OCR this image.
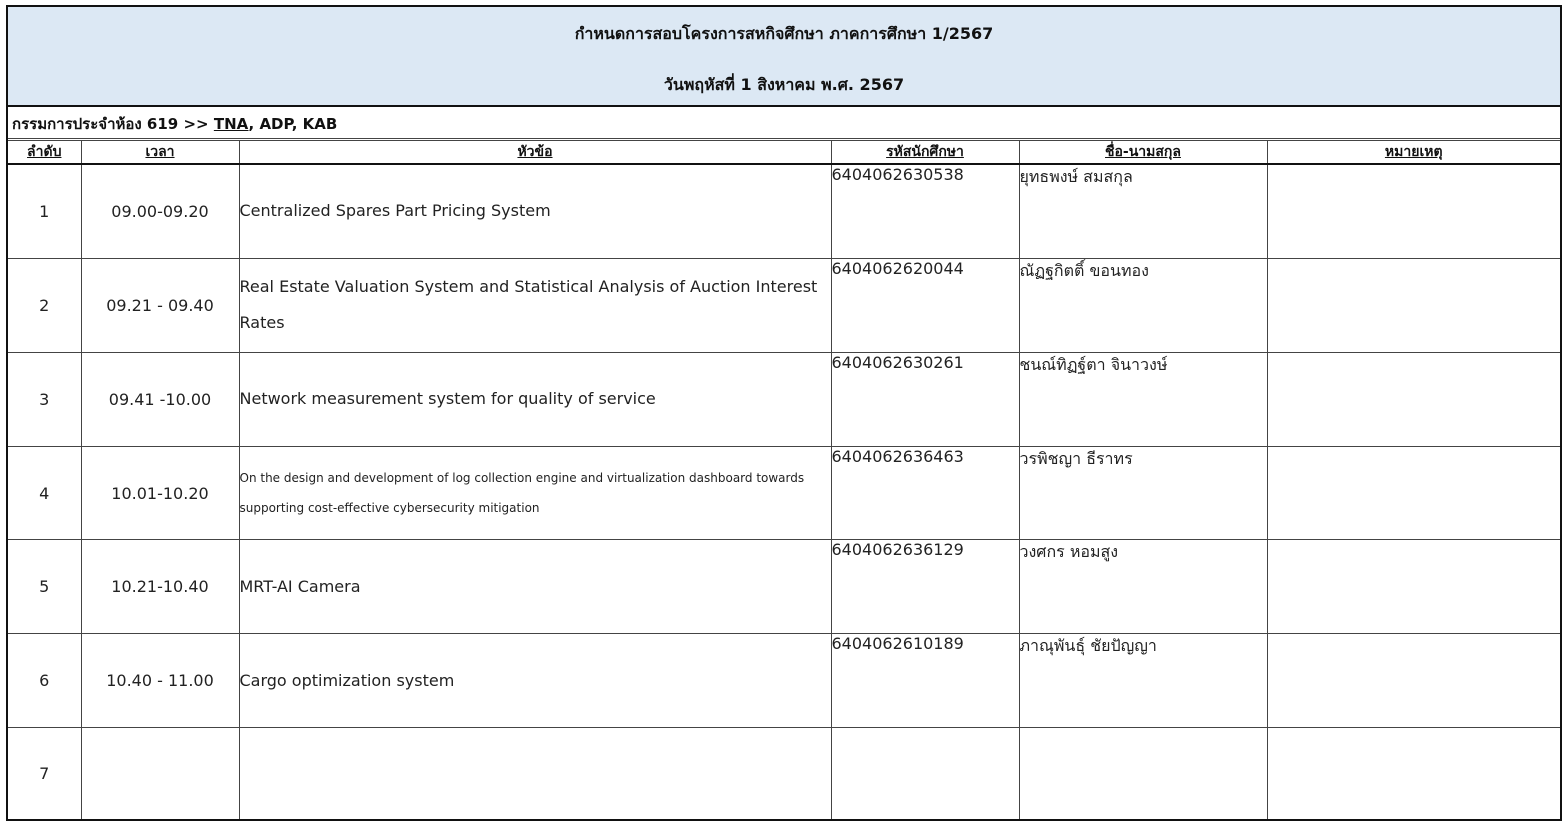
กำหนดการสอบโครงการสหกิจศึกษา ภาคการศึกษา 1/2567
วันพฤหัสที่ 1 สิงหาคม พ.ศ. 2567
กรรมการประจำห้อง 619 >> TNA, ADP, KAB
ลำดับ	เวลา	หัวข้อ	รหัสนักศึกษา	ชื่อ-นามสกุล	หมายเหตุ
1	09.00-09.20	Centralized Spares Part Pricing System	6404062630538	ยุทธพงษ์ สมสกุล	
2	09.21 - 09.40	Real Estate Valuation System and Statistical Analysis of Auction Interest Rates	6404062620044	ณัฏฐกิตติ์ ขอนทอง	
3	09.41 -10.00	Network measurement system for quality of service	6404062630261	ชนณ์ทิฏฐ์ตา จินาวงษ์	
4	10.01-10.20	On the design and development of log collection engine and virtualization dashboard towards supporting cost-effective cybersecurity mitigation	6404062636463	วรพิชญา ธีราทร	
5	10.21-10.40	MRT-AI Camera	6404062636129	วงศกร หอมสูง	
6	10.40 - 11.00	Cargo optimization system	6404062610189	ภาณุพันธุ์ ชัยปัญญา	
7					
